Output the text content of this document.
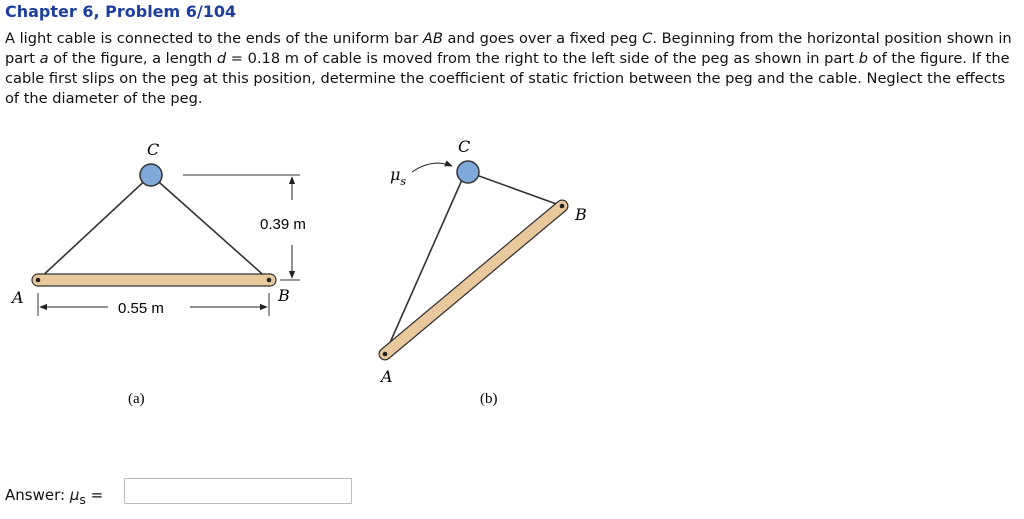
Chapter 6, Problem 6/104
A light cable is connected to the ends of the uniform bar AB and goes over a fixed peg C. Beginning from the horizontal position shown in part a of the figure, a length d = 0.18 m of cable is moved from the right to the left side of the peg as shown in part b of the figure. If the cable first slips on the peg at this position, determine the coefficient of static friction between the peg and the cable. Neglect the effects of the diameter of the peg.
C
A	B
0.39 m
0.55 m
(a)
$\mu_s$
C
B
A
(b)
Answer: $\mu_s$ =
